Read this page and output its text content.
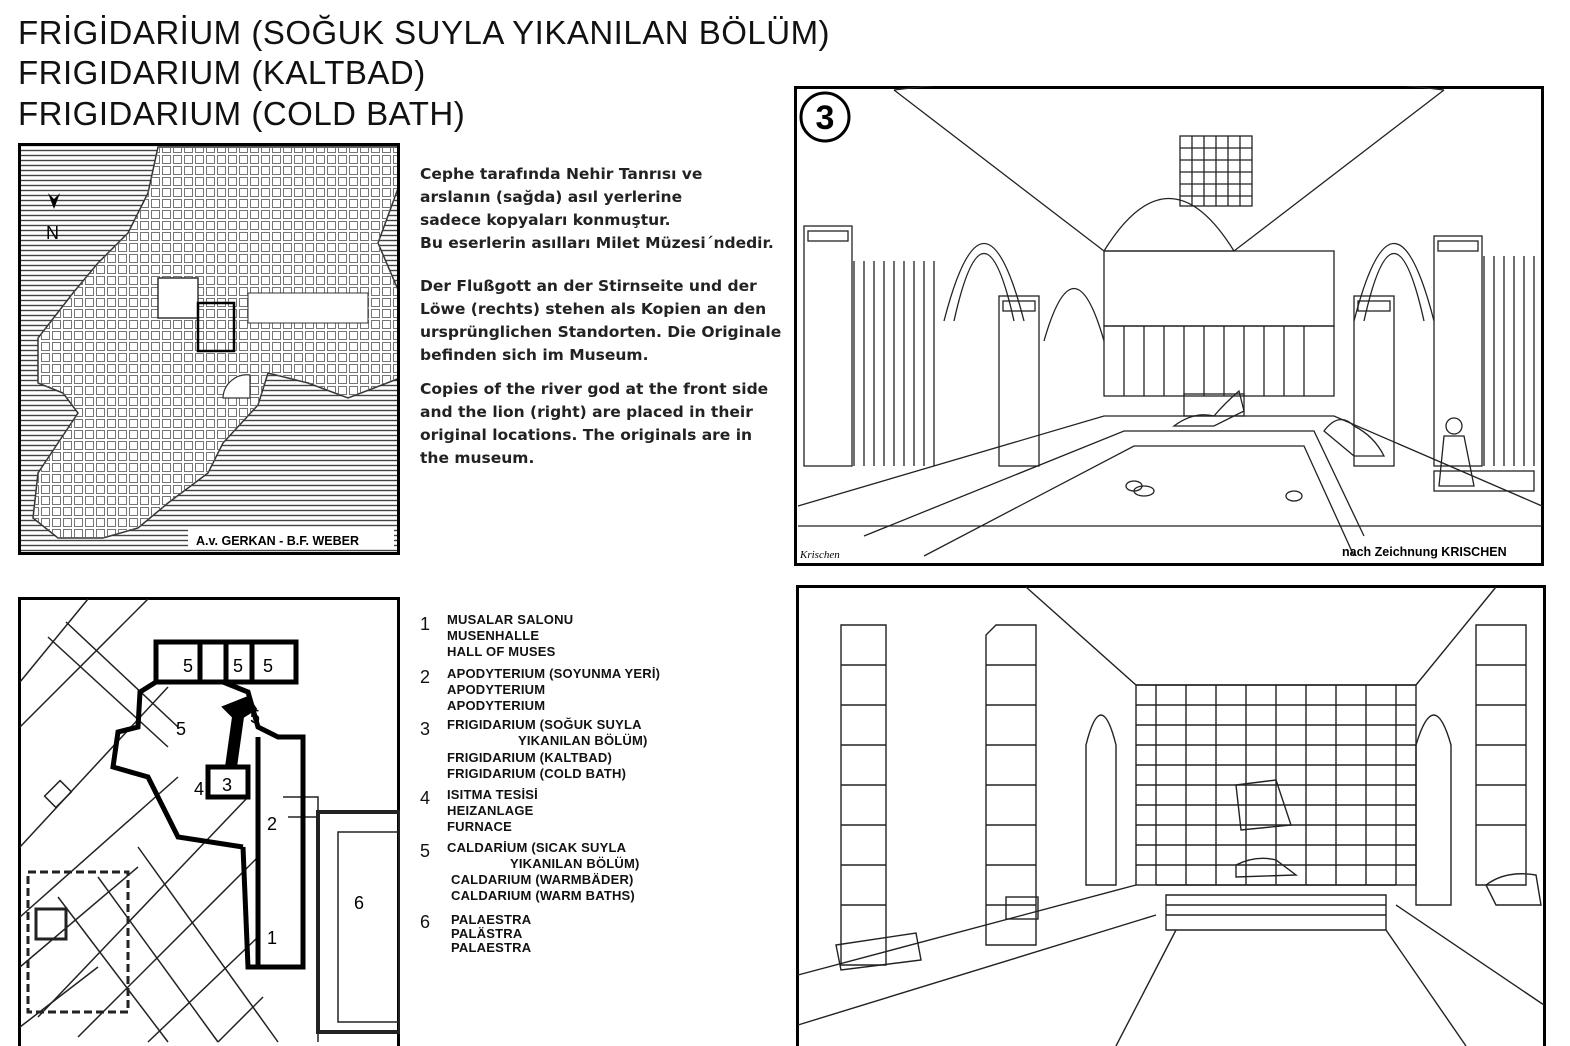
FRİGİDARİUM (SOĞUK SUYLA YIKANILAN BÖLÜM)
FRIGIDARIUM (KALTBAD)
FRIGIDARIUM (COLD BATH)
N
A.v. GERKAN - B.F. WEBER
Cephe tarafında Nehir Tanrısı ve
arslanın (sağda) asıl yerlerine
sadece kopyaları konmuştur.
Bu eserlerin asılları Milet Müzesi´ndedir.
Der Flußgott an der Stirnseite und der
Löwe (rechts) stehen als Kopien an den
ursprünglichen Standorten. Die Originale
befinden sich im Museum.
Copies of the river god at the front side
and the lion (right) are placed in their
original locations. The originals are in
the museum.
3
Krischen	nach Zeichnung KRISCHEN
5 5 5
5
5
4 3
2
6
1
1 MUSALAR SALONU
MUSENHALLE
HALL OF MUSES
2 APODYTERIUM (SOYUNMA YERİ)
APODYTERIUM
APODYTERIUM
3 FRIGIDARIUM (SOĞUK SUYLA
YIKANILAN BÖLÜM)
FRIGIDARIUM (KALTBAD)
FRIGIDARIUM (COLD BATH)
4 ISITMA TESİSİ
HEIZANLAGE
FURNACE
5 CALDARİUM (SICAK SUYLA
YIKANILAN BÖLÜM)
CALDARIUM (WARMBÄDER)
CALDARIUM (WARM BATHS)
6 PALAESTRA
PALÄSTRA
PALAESTRA
